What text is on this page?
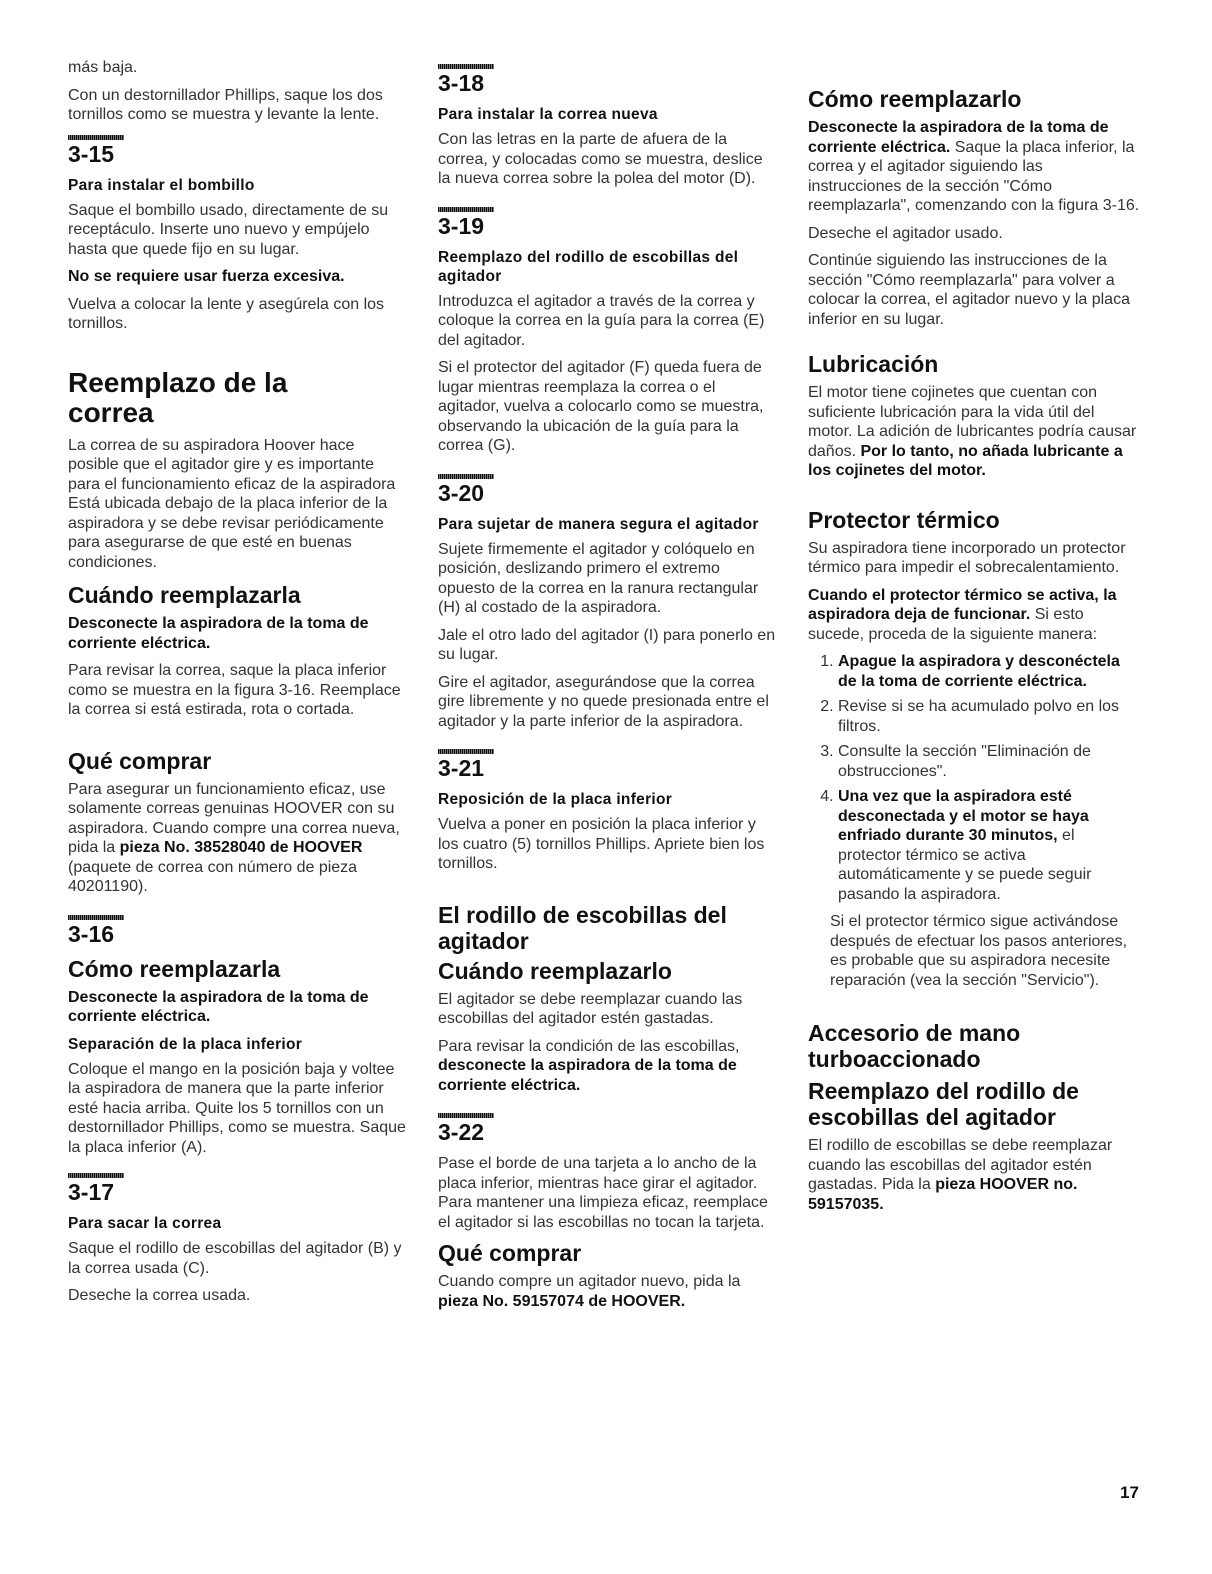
más baja.

Con un destornillador Phillips, saque los dos tornillos como se muestra y levante la lente.

3-15
Para instalar el bombillo

Saque el bombillo usado, directamente de su receptáculo. Inserte uno nuevo y empújelo hasta que quede fijo en su lugar.

No se requiere usar fuerza excesiva.

Vuelva a colocar la lente y asegúrela con los tornillos.

Reemplazo de la correa

La correa de su aspiradora Hoover hace posible que el agitador gire y es importante para el funcionamiento eficaz de la aspiradora Está ubicada debajo de la placa inferior de la aspiradora y se debe revisar periódicamente para asegurarse de que esté en buenas condiciones.

Cuándo reemplazarla

Desconecte la aspiradora de la toma de corriente eléctrica.

Para revisar la correa, saque la placa inferior como se muestra en la figura 3-16. Reemplace la correa si está estirada, rota o cortada.

Qué comprar

Para asegurar un funcionamiento eficaz, use solamente correas genuinas HOOVER con su aspiradora. Cuando compre una correa nueva, pida la pieza No. 38528040 de HOOVER (paquete de correa con número de pieza 40201190).

3-16
Cómo reemplazarla

Desconecte la aspiradora de la toma de corriente eléctrica.

Separación de la placa inferior

Coloque el mango en la posición baja y voltee la aspiradora de manera que la parte inferior esté hacia arriba. Quite los 5 tornillos con un destornillador Phillips, como se muestra. Saque la placa inferior (A).

3-17
Para sacar la correa

Saque el rodillo de escobillas del agitador (B) y la correa usada (C).

Deseche la correa usada.

3-18
Para instalar la correa nueva

Con las letras en la parte de afuera de la correa, y colocadas como se muestra, deslice la nueva correa sobre la polea del motor (D).

3-19
Reemplazo del rodillo de escobillas del agitador

Introduzca el agitador a través de la correa y coloque la correa en la guía para la correa (E) del agitador.

Si el protector del agitador (F) queda fuera de lugar mientras reemplaza la correa o el agitador, vuelva a colocarlo como se muestra, observando la ubicación de la guía para la correa (G).

3-20
Para sujetar de manera segura el agitador

Sujete firmemente el agitador y colóquelo en posición, deslizando primero el extremo opuesto de la correa en la ranura rectangular (H) al costado de la aspiradora.

Jale el otro lado del agitador (I) para ponerlo en su lugar.

Gire el agitador, asegurándose que la correa gire libremente y no quede presionada entre el agitador y la parte inferior de la aspiradora.

3-21
Reposición de la placa inferior

Vuelva a poner en posición la placa inferior y los cuatro (5) tornillos Phillips. Apriete bien los tornillos.

El rodillo de escobillas del agitador
Cuándo reemplazarlo

El agitador se debe reemplazar cuando las escobillas del agitador estén gastadas.

Para revisar la condición de las escobillas, desconecte la aspiradora de la toma de corriente eléctrica.

3-22

Pase el borde de una tarjeta a lo ancho de la placa inferior, mientras hace girar el agitador. Para mantener una limpieza eficaz, reemplace el agitador si las escobillas no tocan la tarjeta.

Qué comprar

Cuando compre un agitador nuevo, pida la pieza No. 59157074 de HOOVER.

Cómo reemplazarlo

Desconecte la aspiradora de la toma de corriente eléctrica. Saque la placa inferior, la correa y el agitador siguiendo las instrucciones de la sección "Cómo reemplazarla", comenzando con la figura 3-16.

Deseche el agitador usado.

Continúe siguiendo las instrucciones de la sección "Cómo reemplazarla" para volver a colocar la correa, el agitador nuevo y la placa inferior en su lugar.

Lubricación

El motor tiene cojinetes que cuentan con suficiente lubricación para la vida útil del motor. La adición de lubricantes podría causar daños. Por lo tanto, no añada lubricante a los cojinetes del motor.

Protector térmico

Su aspiradora tiene incorporado un protector térmico para impedir el sobrecalentamiento.

Cuando el protector térmico se activa, la aspiradora deja de funcionar. Si esto sucede, proceda de la siguiente manera:

1. Apague la aspiradora y desconéctela de la toma de corriente eléctrica.
2. Revise si se ha acumulado polvo en los filtros.
3. Consulte la sección "Eliminación de obstrucciones".
4. Una vez que la aspiradora esté desconectada y el motor se haya enfriado durante 30 minutos, el protector térmico se activa automáticamente y se puede seguir pasando la aspiradora.

Si el protector térmico sigue activándose después de efectuar los pasos anteriores, es probable que su aspiradora necesite reparación (vea la sección "Servicio").

Accesorio de mano turboaccionado
Reemplazo del rodillo de escobillas del agitador

El rodillo de escobillas se debe reemplazar cuando las escobillas del agitador estén gastadas. Pida la pieza HOOVER no. 59157035.

17
